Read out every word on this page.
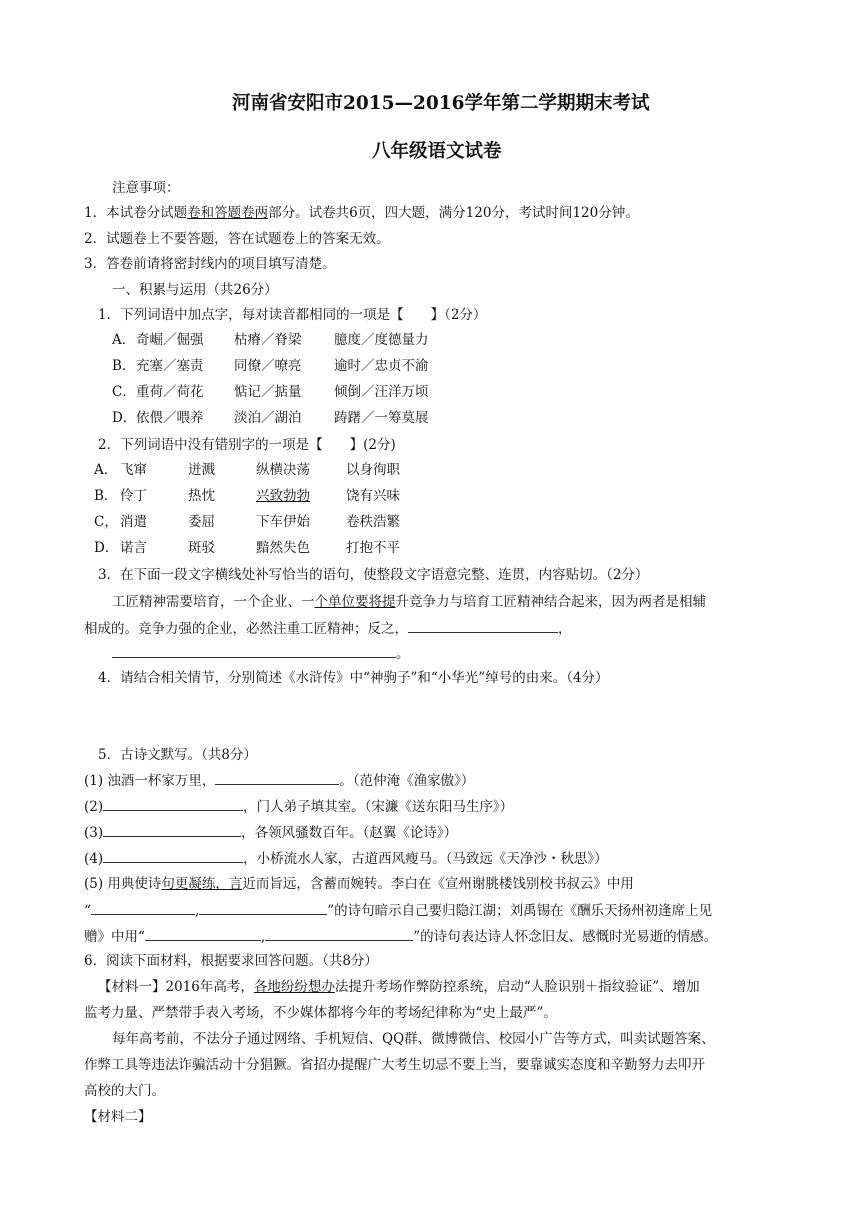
河南省安阳市2015—2016学年第二学期期末考试
八年级语文试卷
注意事项：
1．本试卷分试题卷和答题卷两部分。试卷共6页，四大题，满分120分，考试时间120分钟。
2．试题卷上不要答题，答在试题卷上的答案无效。
3．答卷前请将密封线内的项目填写清楚。
一、积累与运用（共26分）
1．下列词语中加点字，每对读音都相同的一项是【　　】（2分）
A． 奇崛／倔强 枯瘠／脊梁 臆度／度德量力
B． 充塞／塞责 同僚／嘹亮 逾时／忠贞不渝
C． 重荷／荷花 惦记／掂量 倾倒／汪洋万顷
D． 依偎／喂养 淡泊／湖泊 踌躇／一筹莫展
2．下列词语中没有错别字的一项是【　　】(2分)
A． 飞窜	迸溅	纵横决荡	以身徇职
B． 伶丁	热忱	兴致勃勃	饶有兴味
C， 消遣	委屈	下车伊始	卷秩浩繁
D． 诺言	斑驳	黯然失色	打抱不平
3．在下面一段文字横线处补写恰当的语句，使整段文字语意完整、连贯，内容贴切。（2分）
工匠精神需要培育，一个企业、一个单位要将提升竞争力与培育工匠精神结合起来，因为两者是相辅
相成的。竞争力强的企业，必然注重工匠精神；反之，	，
。
4．请结合相关情节，分别简述《水浒传》中“神驹子”和“小华光”绰号的由来。（4分）
5．古诗文默写。（共8分）
(1) 浊酒一杯家万里，	。（范仲淹《渔家傲》）
(2)	，门人弟子填其室。（宋濂《送东阳马生序》）
(3)	，各领风骚数百年。（赵翼《论诗》）
(4)	，小桥流水人家，古道西风瘦马。（马致远《天净沙・秋思》）
(5) 用典使诗句更凝练，言近而旨远，含蓄而婉转。李白在《宣州谢朓楼饯别校书叔云》中用
“	,	”的诗句暗示自己要归隐江湖；刘禹锡在《酬乐天扬州初逢席上见
赠》中用“	,	”的诗句表达诗人怀念旧友、感慨时光易逝的情感。
6．阅读下面材料，根据要求回答问题。（共8分）
【材料一】2016年高考，各地纷纷想办法提升考场作弊防控系统，启动“人脸识别＋指纹验证”、增加
监考力量、严禁带手表入考场，不少媒体都将今年的考场纪律称为“史上最严”。
每年高考前，不法分子通过网络、手机短信、QQ群、微博微信、校园小广告等方式，叫卖试题答案、
作弊工具等违法诈骗活动十分猖獗。省招办提醒广大考生切忌不要上当，要靠诚实态度和辛勤努力去叩开
高校的大门。
【材料二】
